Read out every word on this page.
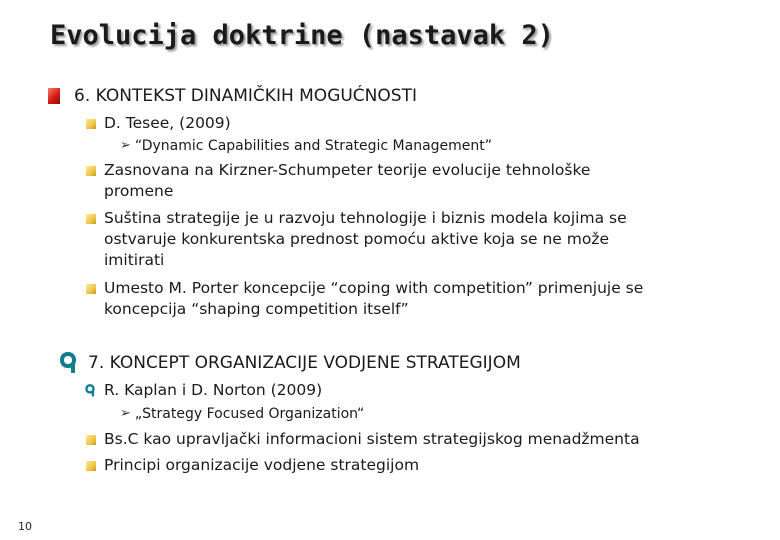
Evolucija doktrine (nastavak 2)
6. KONTEKST DINAMIČKIH MOGUĆNOSTI
D. Tesee, (2009)
➢ “Dynamic Capabilities and Strategic Management”
Zasnovana na Kirzner-Schumpeter teorije evolucije tehnološke
promene
Suština strategije je u razvoju tehnologije i biznis modela kojima se
ostvaruje konkurentska prednost pomoću aktive koja se ne može
imitirati
Umesto M. Porter koncepcije “coping with competition” primenjuje se
koncepcija “shaping competition itself”
7. KONCEPT ORGANIZACIJE VODJENE STRATEGIJOM
R. Kaplan i D. Norton (2009)
➢ „Strategy Focused Organization“
Bs.C kao upravljački informacioni sistem strategijskog menadžmenta
Principi organizacije vodjene strategijom
10
